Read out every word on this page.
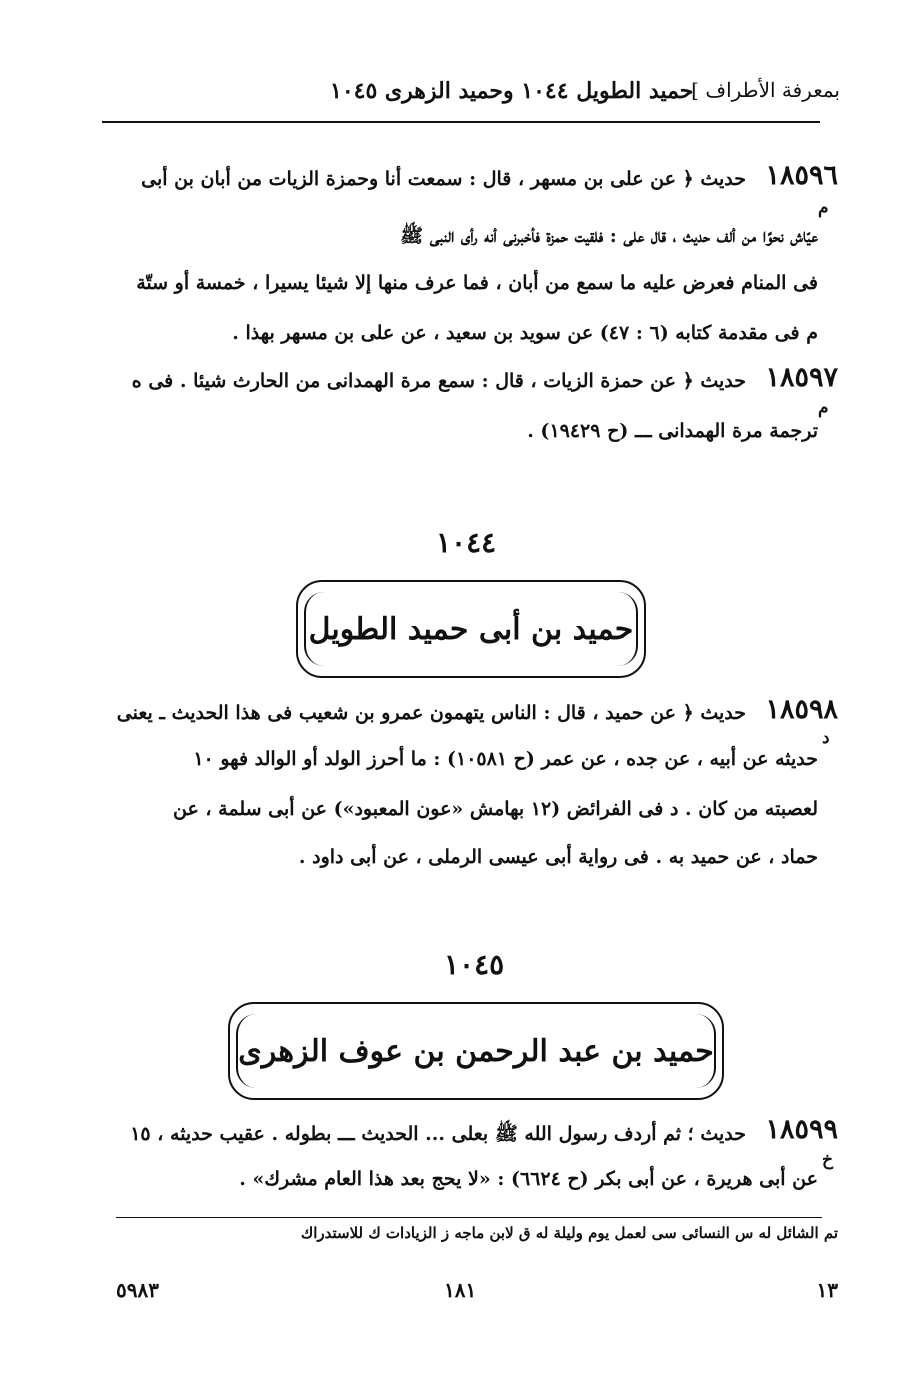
بمعرفة الأطراف ]
حميد الطويل ١٠٤٤ وحميد الزهرى ١٠٤٥
١٨٥٩٦
حديث ﴿ عن على بن مسهر ، قال : سمعت أنا وحمزة الزيات من أبان بن أبى
عيّاش نحوًا من ألف حديث ، قال على : فلقيت حمزة فأخبرنى أنه رأى النبى ﷺ
فى المنام فعرض عليه ما سمع من أبان ، فما عرف منها إلا شيئا يسيرا ، خمسة أو ستّة
م فى مقدمة كتابه (٦ : ٤٧) عن سويد بن سعيد ، عن على بن مسهر بهذا .
م
١٨٥٩٧
حديث ﴿ عن حمزة الزيات ، قال : سمع مرة الهمدانى من الحارث شيئا . فى ه
ترجمة مرة الهمدانى ـــ (ح ١٩٤٢٩) .
م
١٠٤٤
حميد بن أبى حميد الطويل
١٨٥٩٨
حديث ﴿ عن حميد ، قال : الناس يتهمون عمرو بن شعيب فى هذا الحديث ـ يعنى
حديثه عن أبيه ، عن جده ، عن عمر (ح ١٠٥٨١) : ما أحرز الولد أو الوالد فهو ١٠
لعصبته من كان . د فى الفرائض (١٢ بهامش «عون المعبود») عن أبى سلمة ، عن
حماد ، عن حميد به . فى رواية أبى عيسى الرملى ، عن أبى داود .
د
١٠٤٥
حميد بن عبد الرحمن بن عوف الزهرى
١٨٥٩٩
حديث ؛ ثم أردف رسول الله ﷺ بعلى ... الحديث ـــ بطوله . عقيب حديثه ، ١٥
عن أبى هريرة ، عن أبى بكر (ح ٦٦٢٤) : «لا يحج بعد هذا العام مشرك» .
خ
تم الشائل له س النسائى سى لعمل يوم وليلة له ق لابن ماجه ز الزيادات ك للاستدراك
١٣
١٨١
٥٩٨٣
